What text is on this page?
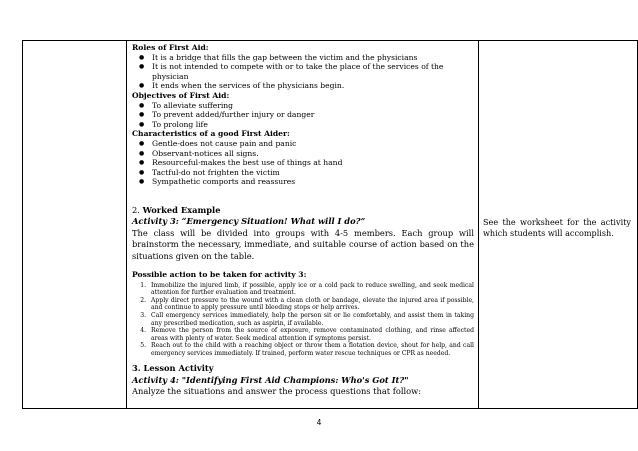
Roles of First Aid:
● It is a bridge that fills the gap between the victim and the physicians
● It is not intended to compete with or to take the place of the services of the physician
● It ends when the services of the physicians begin.
Objectives of First Aid:
● To alleviate suffering
● To prevent added/further injury or danger
● To prolong life
Characteristics of a good First Aider:
● Gentle-does not cause pain and panic
● Observant-notices all signs.
● Resourceful-makes the best use of things at hand
● Tactful-do not frighten the victim
● Sympathetic comports and reassures
2. Worked Example
Activity 3: “Emergency Situation! What will I do?”
The class will be divided into groups with 4-5 members. Each group will brainstorm the necessary, immediate, and suitable course of action based on the situations given on the table.
Possible action to be taken for activity 3:
1. Immobilize the injured limb, if possible, apply ice or a cold pack to reduce swelling, and seek medical attention for further evaluation and treatment.
2. Apply direct pressure to the wound with a clean cloth or bandage, elevate the injured area if possible, and continue to apply pressure until bleeding stops or help arrives.
3. Call emergency services immediately, help the person sit or lie comfortably, and assist them in taking any prescribed medication, such as aspirin, if available.
4. Remove the person from the source of exposure, remove contaminated clothing, and rinse affected areas with plenty of water. Seek medical attention if symptoms persist.
5. Reach out to the child with a reaching object or throw them a flotation device, shout for help, and call emergency services immediately. If trained, perform water rescue techniques or CPR as needed.
3. Lesson Activity
Activity 4: "Identifying First Aid Champions: Who's Got It?"
Analyze the situations and answer the process questions that follow:

See the worksheet for the activity which students will accomplish.
4
